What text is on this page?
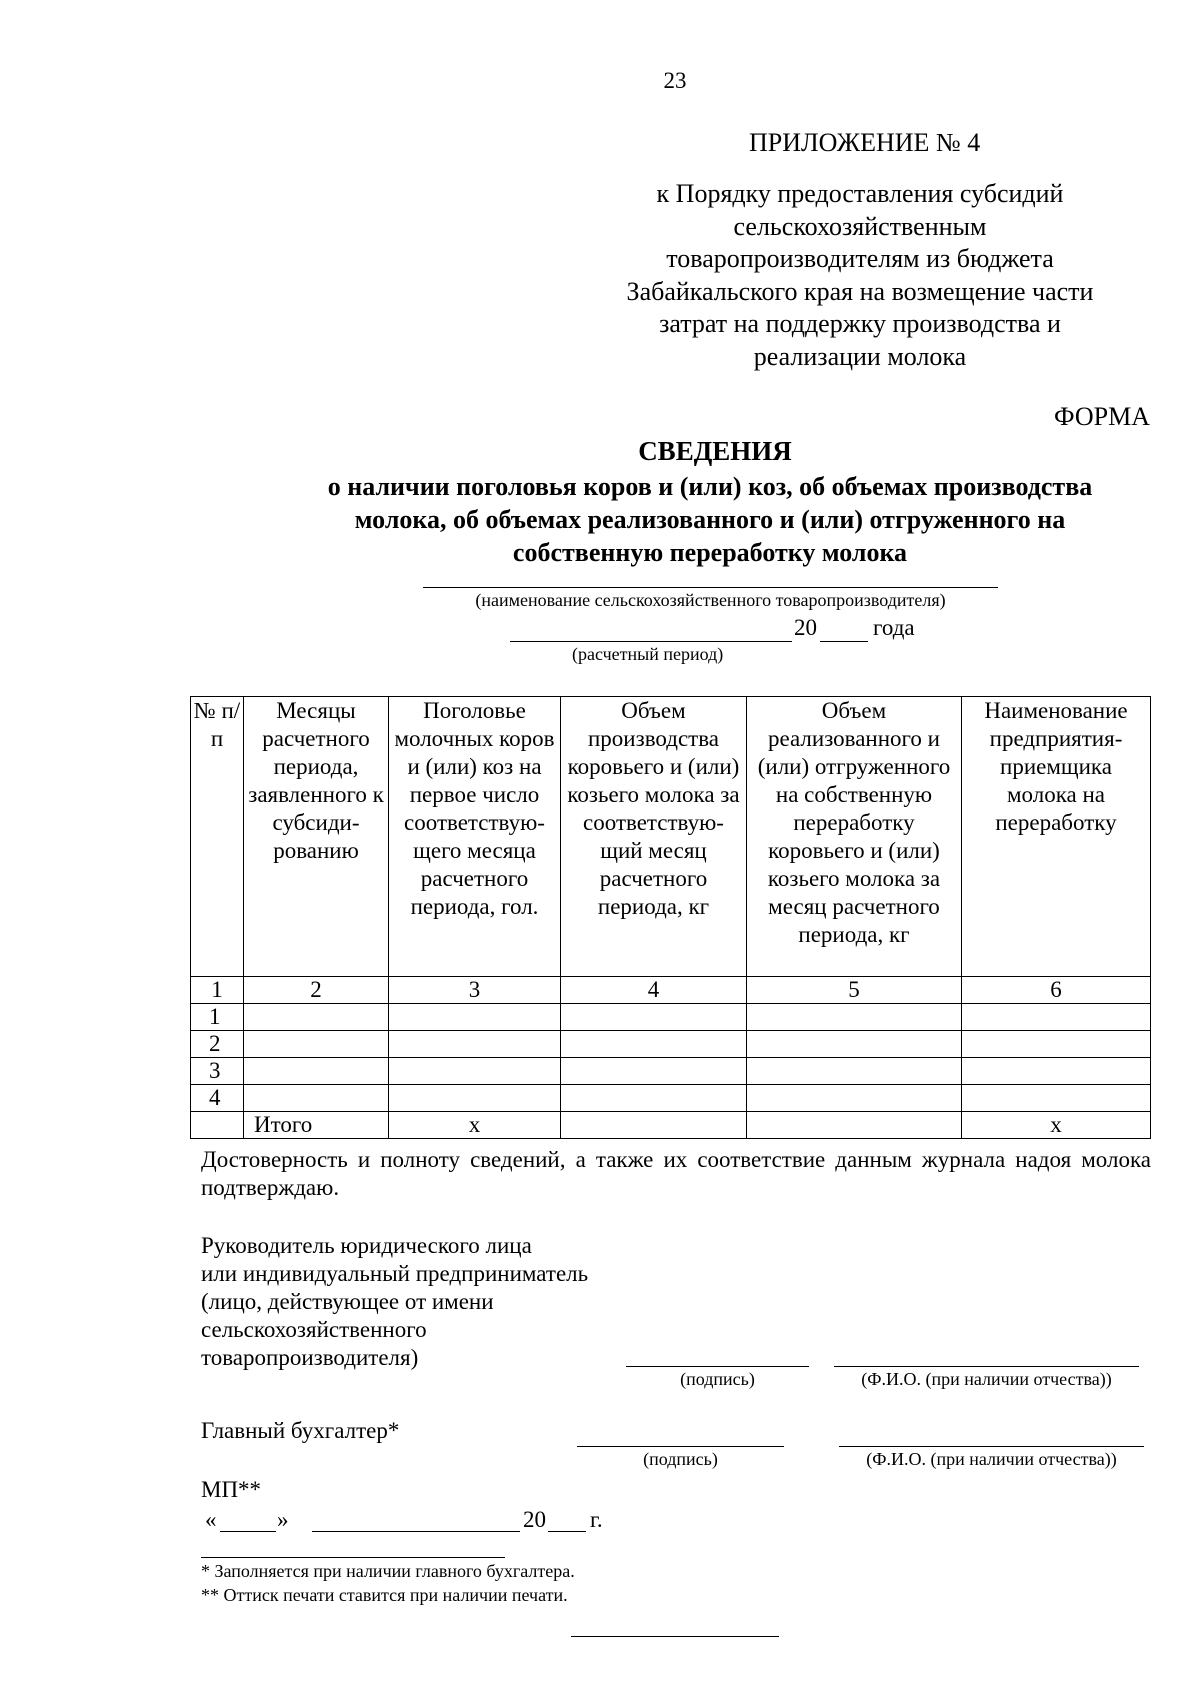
23
ПРИЛОЖЕНИЕ № 4
к Порядку предоставления субсидий
сельскохозяйственным
товаропроизводителям из бюджета
Забайкальского края на возмещение части
затрат на поддержку производства и
реализации молока
ФОРМА
СВЕДЕНИЯ
о наличии поголовья коров и (или) коз, об объемах производства
молока, об объемах реализованного и (или) отгруженного на
собственную переработку молока
(наименование сельскохозяйственного товаропроизводителя)
20 года
(расчетный период)
№ п/ п	Месяцы расчетного периода, заявленного к субсиди-рованию	Поголовье молочных коров и (или) коз на первое число соответствую-щего месяца расчетного периода, гол.	Объем производства коровьего и (или) козьего молока за соответствую-щий месяц расчетного периода, кг	Объем реализованного и (или) отгруженного на собственную переработку коровьего и (или) козьего молока за месяц расчетного периода, кг	Наименование предприятия-приемщика молока на переработку
1	2	3	4	5	6
1					
2					
3					
4					
	Итого	х			х
Достоверность и полноту сведений, а также их соответствие данным журнала надоя молока подтверждаю.
Руководитель юридического лица
или индивидуальный предприниматель
(лицо, действующее от имени
сельскохозяйственного
товаропроизводителя)
(подпись)	(Ф.И.О. (при наличии отчества))
Главный бухгалтер*
(подпись)	(Ф.И.О. (при наличии отчества))
МП**
«	»	20 г.
* Заполняется при наличии главного бухгалтера.
** Оттиск печати ставится при наличии печати.
